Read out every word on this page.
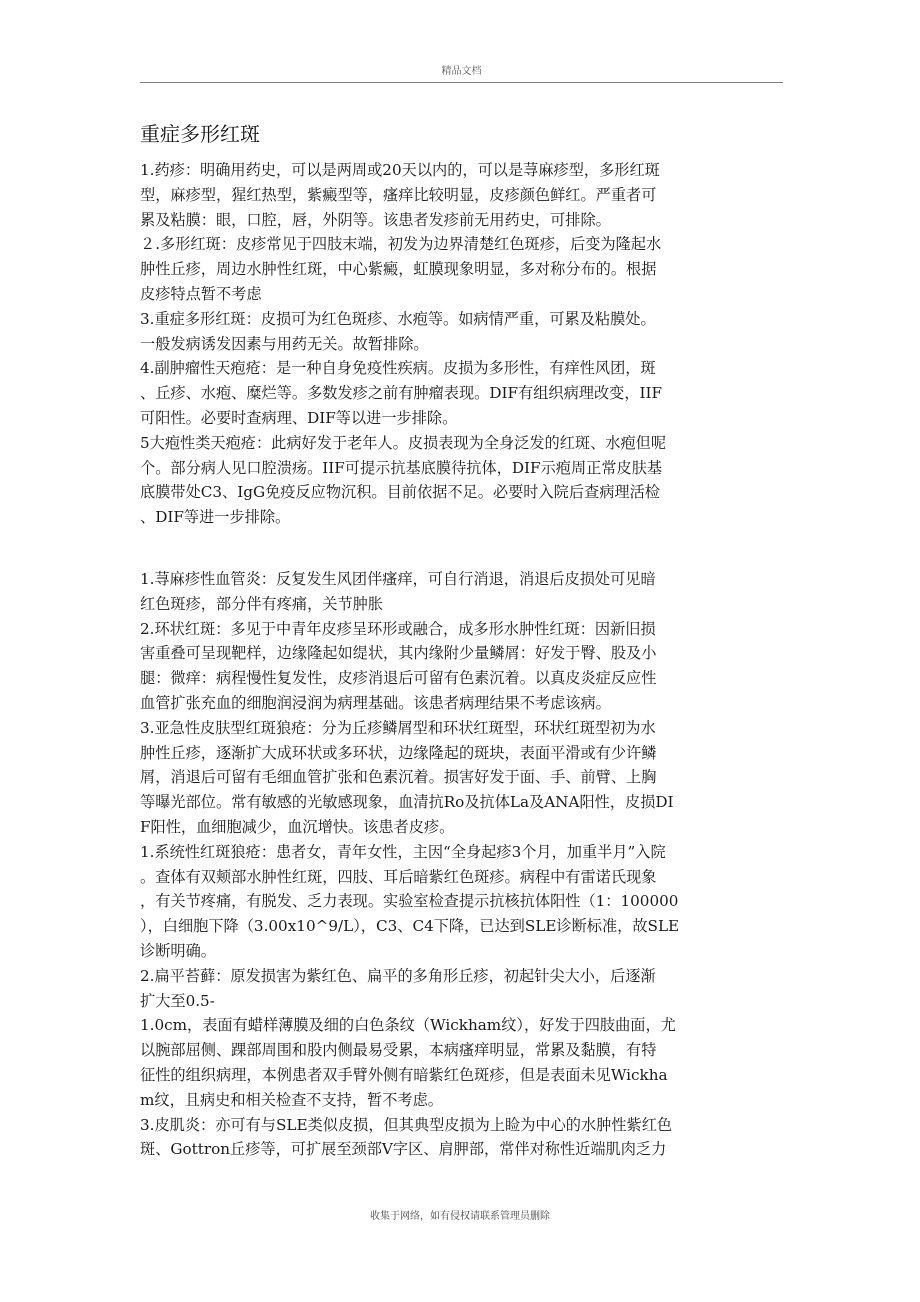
精品文档
重症多形红斑
1.药疹：明确用药史，可以是两周或20天以内的，可以是荨麻疹型，多形红斑
型，麻疹型，猩红热型，紫癜型等，瘙痒比较明显，皮疹颜色鲜红。严重者可
累及粘膜：眼，口腔，唇，外阴等。该患者发疹前无用药史，可排除。
２.多形红斑：皮疹常见于四肢末端，初发为边界清楚红色斑疹，后变为隆起水
肿性丘疹，周边水肿性红斑，中心紫癜，虹膜现象明显，多对称分布的。根据
皮疹特点暂不考虑
3.重症多形红斑：皮损可为红色斑疹、水疱等。如病情严重，可累及粘膜处。
一般发病诱发因素与用药无关。故暂排除。
4.副肿瘤性天疱疮：是一种自身免疫性疾病。皮损为多形性，有痒性风团，斑
、丘疹、水疱、糜烂等。多数发疹之前有肿瘤表现。DIF有组织病理改变，IIF
可阳性。必要时查病理、DIF等以进一步排除。
5大疱性类天疱疮：此病好发于老年人。皮损表现为全身泛发的红斑、水疱但呢
个。部分病人见口腔溃疡。IIF可提示抗基底膜待抗体，DIF示疱周正常皮肤基
底膜带处C3、IgG免疫反应物沉积。目前依据不足。必要时入院后查病理活检
、DIF等进一步排除。
1.荨麻疹性血管炎：反复发生风团伴瘙痒，可自行消退，消退后皮损处可见暗
红色斑疹，部分伴有疼痛，关节肿胀
2.环状红斑：多见于中青年皮疹呈环形或融合，成多形水肿性红斑：因新旧损
害重叠可呈现靶样，边缘隆起如缇状，其内缘附少量鳞屑：好发于臀、股及小
腿：微痒：病程慢性复发性，皮疹消退后可留有色素沉着。以真皮炎症反应性
血管扩张充血的细胞润浸润为病理基础。该患者病理结果不考虑该病。
3.亚急性皮肤型红斑狼疮：分为丘疹鳞屑型和环状红斑型，环状红斑型初为水
肿性丘疹，逐渐扩大成环状或多环状，边缘隆起的斑块，表面平滑或有少许鳞
屑，消退后可留有毛细血管扩张和色素沉着。损害好发于面、手、前臂、上胸
等曝光部位。常有敏感的光敏感现象，血清抗Ro及抗体La及ANA阳性，皮损DI
F阳性，血细胞减少，血沉增快。该患者皮疹。
1.系统性红斑狼疮：患者女，青年女性，主因“全身起疹3个月，加重半月”入院
。查体有双颊部水肿性红斑，四肢、耳后暗紫红色斑疹。病程中有雷诺氏现象
，有关节疼痛，有脱发、乏力表现。实验室检查提示抗核抗体阳性（1：100000
），白细胞下降（3.00x10^9/L），C3、C4下降，已达到SLE诊断标准，故SLE
诊断明确。
2.扁平苔藓：原发损害为紫红色、扁平的多角形丘疹，初起针尖大小，后逐渐
扩大至0.5-
1.0cm，表面有蜡样薄膜及细的白色条纹（Wickham纹），好发于四肢曲面，尤
以腕部屈侧、踝部周围和股内侧最易受累，本病瘙痒明显，常累及黏膜，有特
征性的组织病理，本例患者双手臂外侧有暗紫红色斑疹，但是表面未见Wickha
m纹，且病史和相关检查不支持，暂不考虑。
3.皮肌炎：亦可有与SLE类似皮损，但其典型皮损为上睑为中心的水肿性紫红色
斑、Gottron丘疹等，可扩展至颈部V字区、肩胛部，常伴对称性近端肌肉乏力
收集于网络，如有侵权请联系管理员删除
